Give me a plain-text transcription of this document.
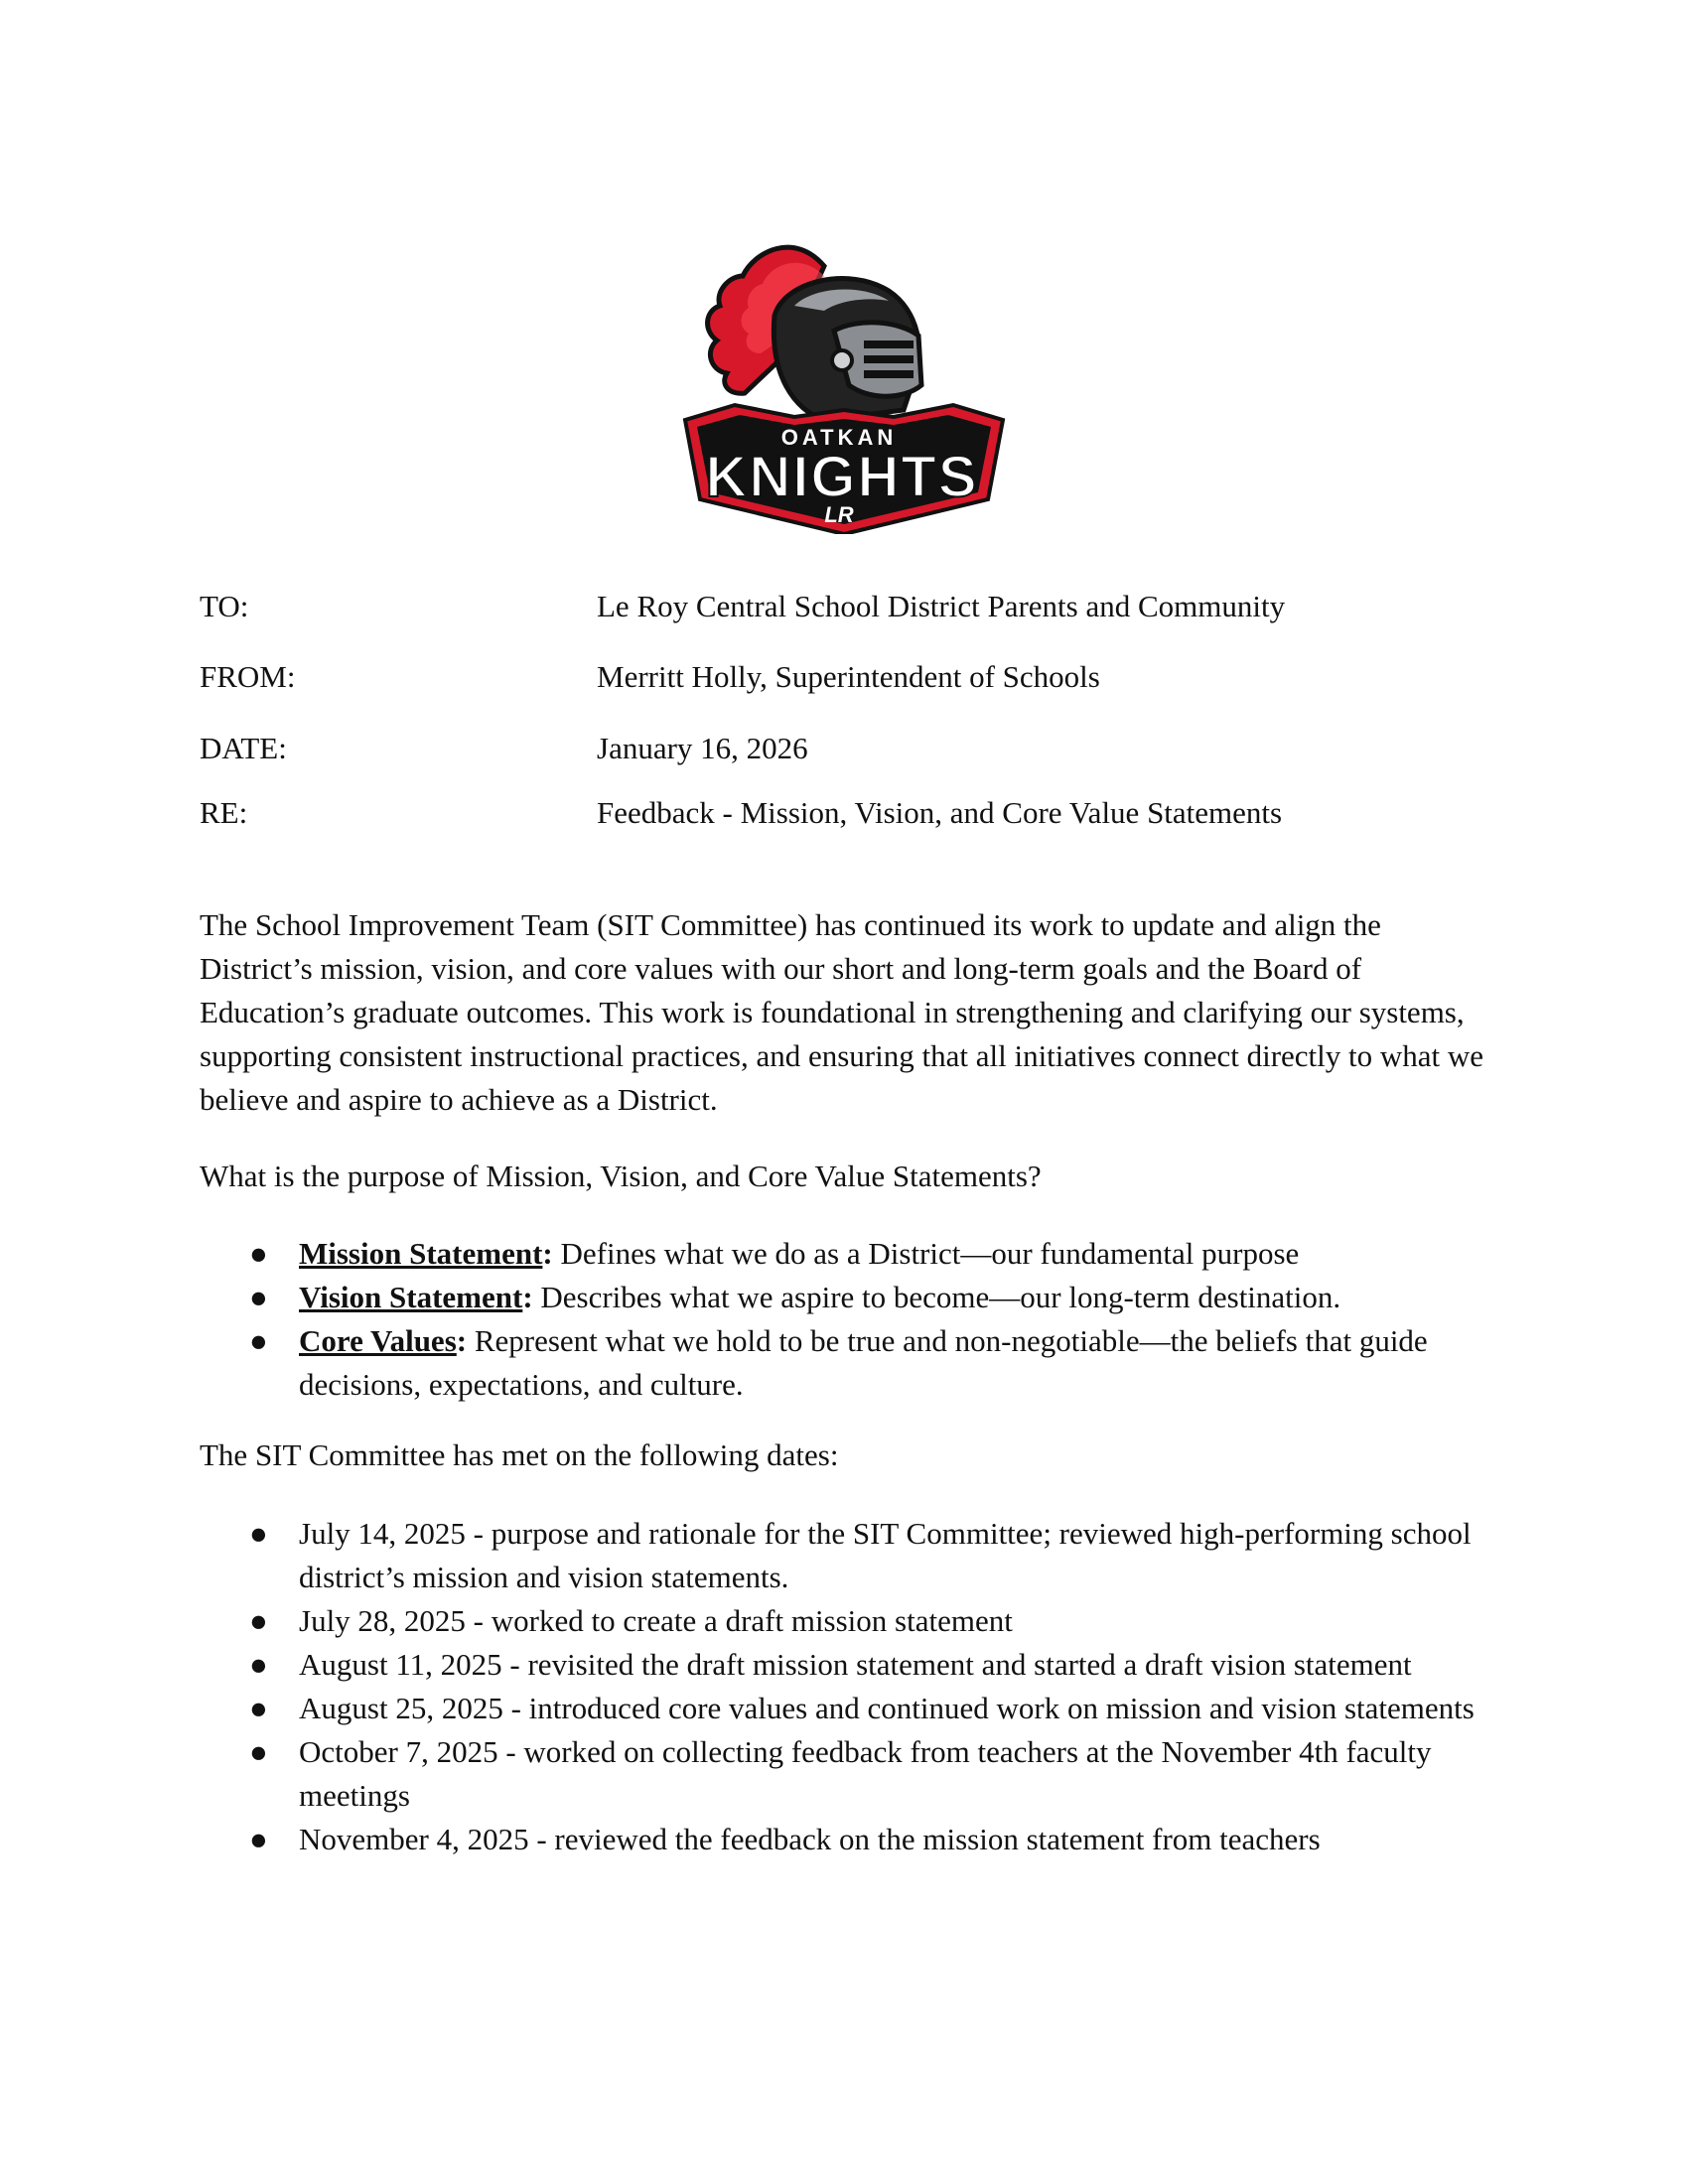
OATKAN
KNIGHTS
LR
TO:	Le Roy Central School District Parents and Community
FROM:	Merritt Holly, Superintendent of Schools
DATE:	January 16, 2026
RE:	Feedback - Mission, Vision, and Core Value Statements
The School Improvement Team (SIT Committee) has continued its work to update and align the District’s mission, vision, and core values with our short and long-term goals and the Board of Education’s graduate outcomes. This work is foundational in strengthening and clarifying our systems, supporting consistent instructional practices, and ensuring that all initiatives connect directly to what we believe and aspire to achieve as a District.
What is the purpose of Mission, Vision, and Core Value Statements?
● Mission Statement: Defines what we do as a District—our fundamental purpose
● Vision Statement: Describes what we aspire to become—our long-term destination.
● Core Values: Represent what we hold to be true and non-negotiable—the beliefs that guide decisions, expectations, and culture.
The SIT Committee has met on the following dates:
● July 14, 2025 - purpose and rationale for the SIT Committee; reviewed high-performing school district’s mission and vision statements.
● July 28, 2025 - worked to create a draft mission statement
● August 11, 2025 - revisited the draft mission statement and started a draft vision statement
● August 25, 2025 - introduced core values and continued work on mission and vision statements
● October 7, 2025 - worked on collecting feedback from teachers at the November 4th faculty meetings
● November 4, 2025 - reviewed the feedback on the mission statement from teachers
